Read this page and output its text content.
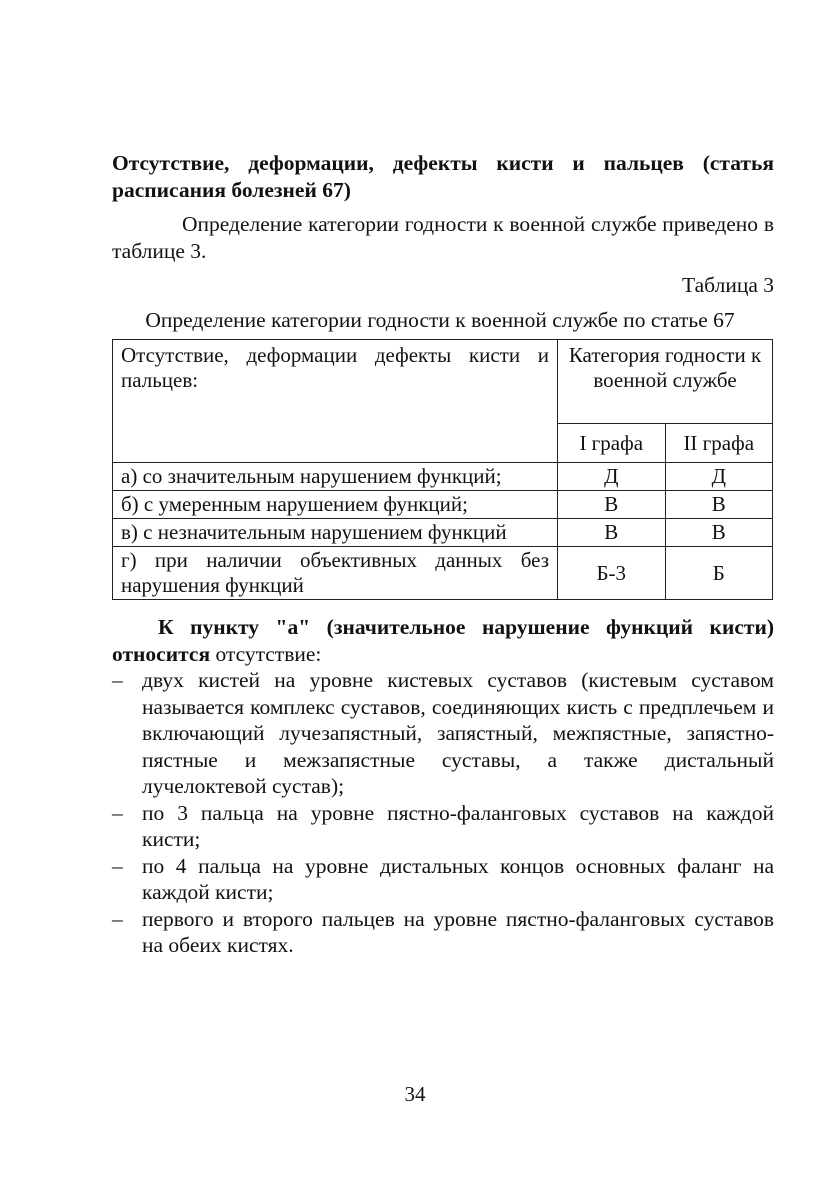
Отсутствие, деформации, дефекты кисти и пальцев (статья расписания болезней 67)

Определение категории годности к военной службе приведено в таблице 3.

Таблица 3

Определение категории годности к военной службе по статье 67

Отсутствие, деформации дефекты кисти и пальцев:	Категория годности к военной службе	
	I графа	II графа
а) со значительным нарушением функций;	Д	Д
б) с умеренным нарушением функций;	В	В
в) с незначительным нарушением функций	В	В
г) при наличии объективных данных без нарушения функций	Б-3	Б

К пункту "а" (значительное нарушение функций кисти) относится отсутствие:

– двух кистей на уровне кистевых суставов (кистевым суставом называется комплекс суставов, соединяющих кисть с предплечьем и включающий лучезапястный, запястный, межпястные, запястно-пястные и межзапястные суставы, а также дистальный лучелоктевой сустав);
– по 3 пальца на уровне пястно-фаланговых суставов на каждой кисти;
– по 4 пальца на уровне дистальных концов основных фаланг на каждой кисти;
– первого и второго пальцев на уровне пястно-фаланговых суставов на обеих кистях.
34
